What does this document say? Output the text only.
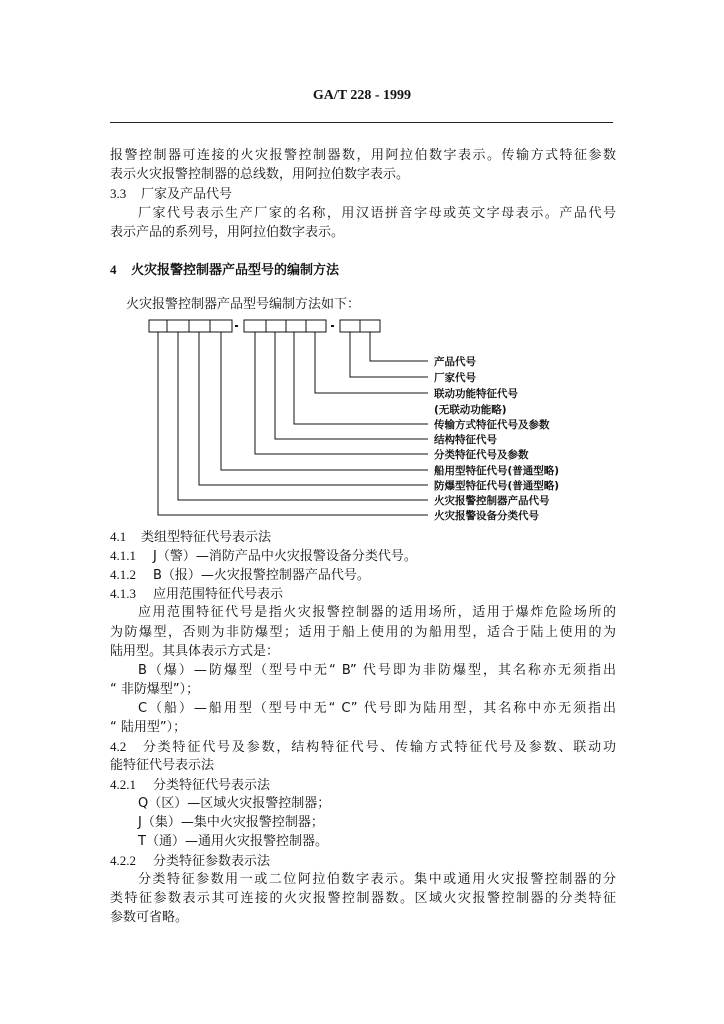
GA/T 228 - 1999
报警控制器可连接的火灾报警控制器数，用阿拉伯数字表示。传输方式特征参数
表示火灾报警控制器的总线数，用阿拉伯数字表示。
3.3 厂家及产品代号
厂家代号表示生产厂家的名称，用汉语拼音字母或英文字母表示。产品代号
表示产品的系列号，用阿拉伯数字表示。
4 火灾报警控制器产品型号的编制方法
火灾报警控制器产品型号编制方法如下：
产品代号
厂家代号
联动功能特征代号
(无联动功能略)
传输方式特征代号及参数
结构特征代号
分类特征代号及参数
船用型特征代号(普通型略)
防爆型特征代号(普通型略)
火灾报警控制器产品代号
火灾报警设备分类代号
4.1 类组型特征代号表示法
4.1.1 J（警）—消防产品中火灾报警设备分类代号。
4.1.2 B（报）—火灾报警控制器产品代号。
4.1.3 应用范围特征代号表示
应用范围特征代号是指火灾报警控制器的适用场所，适用于爆炸危险场所的
为防爆型，否则为非防爆型；适用于船上使用的为船用型，适合于陆上使用的为
陆用型。其具体表示方式是：
B（爆）—防爆型（型号中无“ B” 代号即为非防爆型，其名称亦无须指出
“ 非防爆型”）；
C（船）—船用型（型号中无“ C” 代号即为陆用型，其名称中亦无须指出
“ 陆用型”）；
4.2 分类特征代号及参数，结构特征代号、传输方式特征代号及参数、联动功
能特征代号表示法
4.2.1 分类特征代号表示法
Q（区）—区域火灾报警控制器；
J（集）—集中火灾报警控制器；
T（通）—通用火灾报警控制器。
4.2.2 分类特征参数表示法
分类特征参数用一或二位阿拉伯数字表示。集中或通用火灾报警控制器的分
类特征参数表示其可连接的火灾报警控制器数。区域火灾报警控制器的分类特征
参数可省略。
